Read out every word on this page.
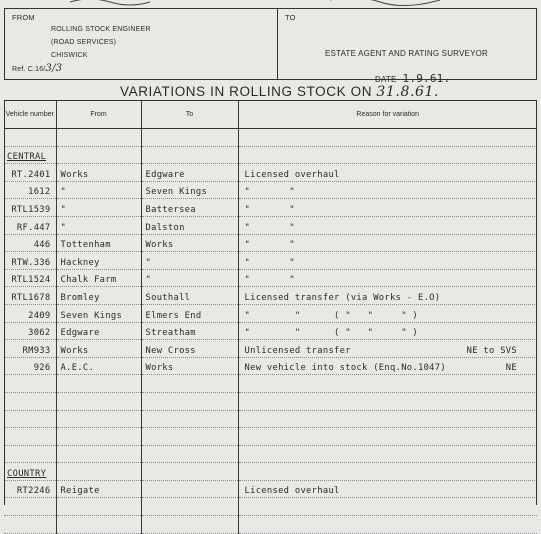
FROM
ROLLING STOCK ENGINEER
(ROAD SERVICES)
CHISWICK
Ref. C.16/3/3
TO
ESTATE AGENT AND RATING SURVEYOR
DATE 1.9.61.
VARIATIONS IN ROLLING STOCK ON 31.8.61.
Vehicle number	From	To	Reason for variation

CENTRAL			

RT.2401	Works	Edgware	Licensed overhaul

1612	"	Seven Kings	"       "

RTL1539	"	Battersea	"       "

RF.447	"	Dalston	"       "

446	Tottenham	Works	"       "

RTW.336	Hackney	"	"       "

RTL1524	Chalk Farm	"	"       "

RTL1678	Bromley	Southall	Licensed transfer (via Works - E.O)

2409	Seven Kings	Elmers End	"        "      ( "   "     " )

3062	Edgware	Streatham	"        "      ( "   "     " )

RM933	Works	New Cross	Unlicensed transfer NE to SVS

926	A.E.C.	Works	New vehicle into stock (Enq.No.1047) NE

COUNTRY			

RT2246	Reigate		Licensed overhaul
